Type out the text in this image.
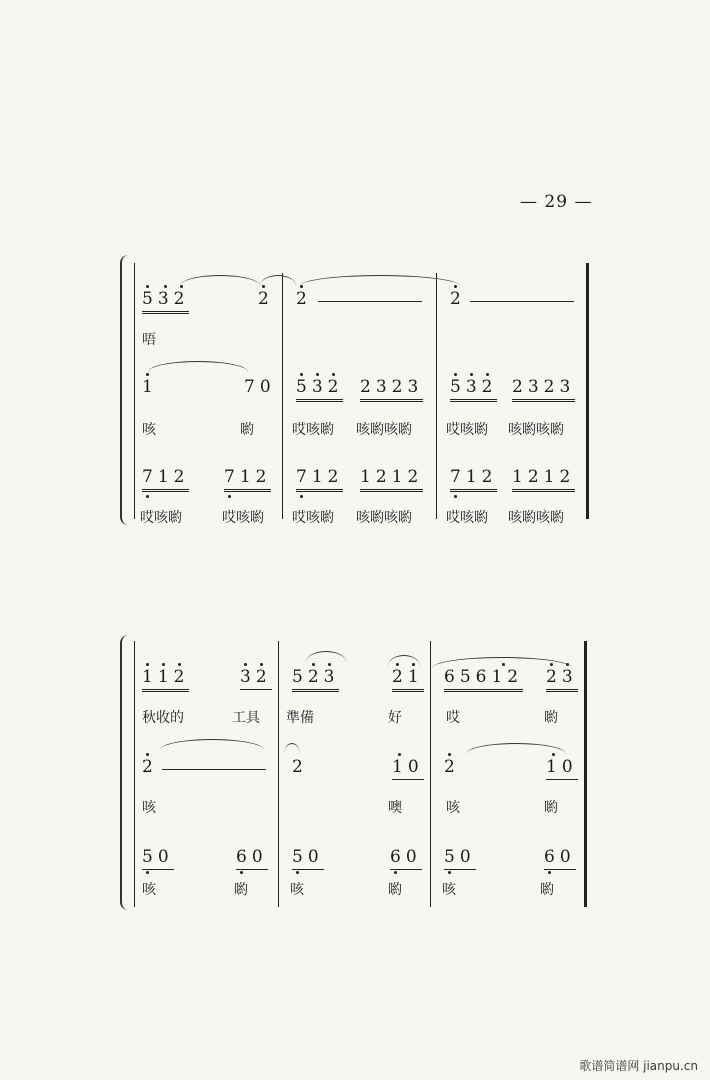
— 29 —
532	2 2	2
唔
1	70 532 2323 532 2323
咳	喲	哎咳喲 咳喲咳喲 哎咳喲 咳喲咳喲
712 712 712 1212 712 1212
哎咳喲	哎咳喲 哎咳喲 咳喲咳喲 哎咳喲 咳喲咳喲
112	32 523	21 65612 23
秋收的	工具 準備	好	哎	喲
2	2	10 2	10
咳	噢	咳	喲
50	60 50	60 50	60
咳	喲	咳	喲	咳	喲
歌谱简谱网 jianpu.cn
